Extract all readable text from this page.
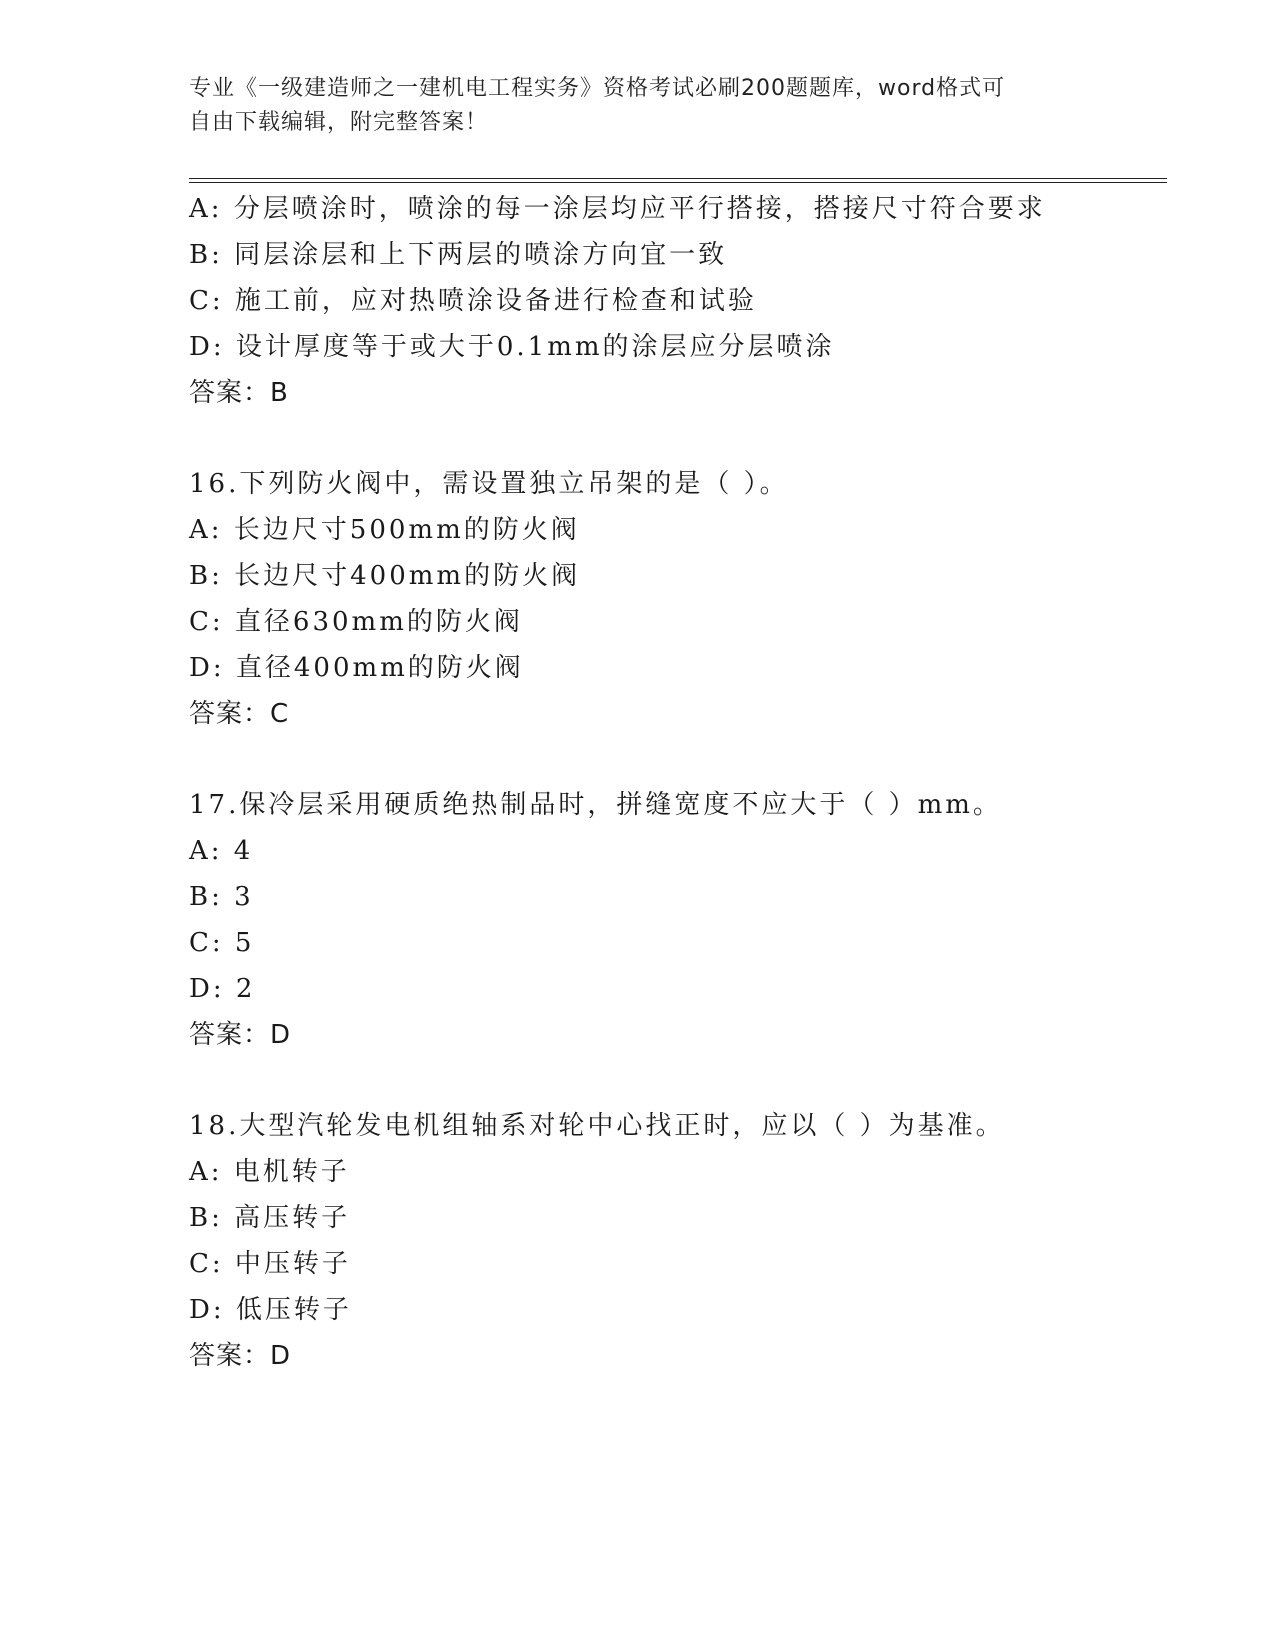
专业《一级建造师之一建机电工程实务》资格考试必刷200题题库，word格式可
自由下载编辑，附完整答案！
A: 分层喷涂时，喷涂的每一涂层均应平行搭接，搭接尺寸符合要求
B: 同层涂层和上下两层的喷涂方向宜一致
C: 施工前，应对热喷涂设备进行检查和试验
D: 设计厚度等于或大于0.1mm的涂层应分层喷涂
答案：B
16.下列防火阀中，需设置独立吊架的是（ ）。
A: 长边尺寸500mm的防火阀
B: 长边尺寸400mm的防火阀
C: 直径630mm的防火阀
D: 直径400mm的防火阀
答案：C
17.保冷层采用硬质绝热制品时，拼缝宽度不应大于（ ）mm。
A: 4
B: 3
C: 5
D: 2
答案：D
18.大型汽轮发电机组轴系对轮中心找正时，应以（ ）为基准。
A: 电机转子
B: 高压转子
C: 中压转子
D: 低压转子
答案：D
